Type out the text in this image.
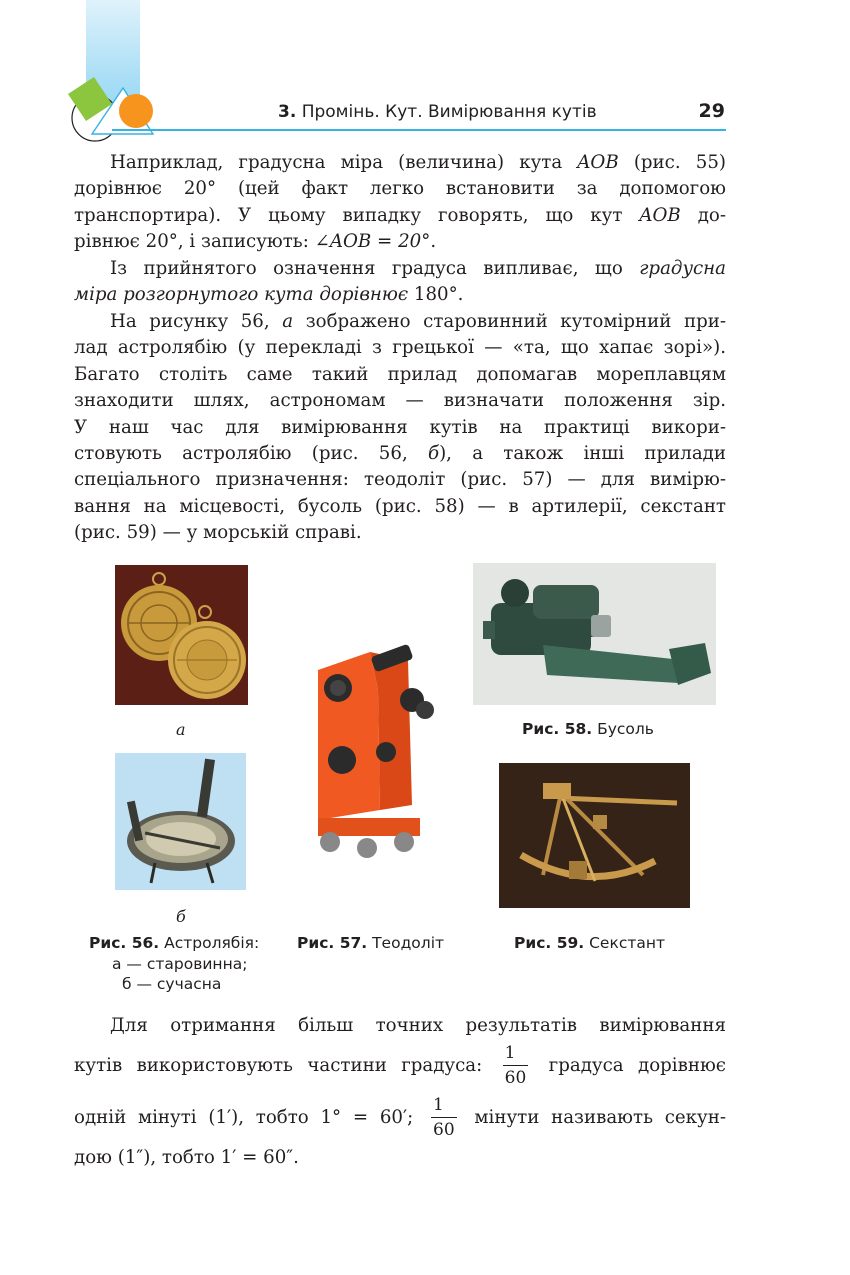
3. Промінь. Кут. Вимірювання кутів	29
Наприклад, градусна міра (величина) кута AOB (рис. 55)
дорівнює 20° (цей факт легко встановити за допомогою
транспортира). У цьому випадку говорять, що кут AOB до-
рівнює 20°, і записують: ∠AOB = 20°.
Із прийнятого означення градуса випливає, що градусна
міра розгорнутого кута дорівнює 180°.
На рисунку 56, а зображено старовинний кутомірний при-
лад астролябію (у перекладі з грецької — «та, що хапає зорі»).
Багато століть саме такий прилад допомагав мореплавцям
знаходити шлях, астрономам — визначати положення зір.
У наш час для вимірювання кутів на практиці викори-
стовують астролябію (рис. 56, б), а також інші прилади
спеціального призначення: теодоліт (рис. 57) — для вимірю-
вання на місцевості, бусоль (рис. 58) — в артилерії, секстант
(рис. 59) — у морській справі.
а
б
Рис. 56. Астролябія:
а — старовинна;
б — сучасна
Рис. 57. Теодоліт
Рис. 58. Бусоль
Рис. 59. Секстант
Для отримання більш точних результатів вимірювання
кутів використовують частини градуса: $\frac{1}{60}$ градуса дорівнює
одній мінуті (1′), тобто 1° = 60′; $\frac{1}{60}$ мінути називають секун-
дою (1″), тобто 1′ = 60″.
